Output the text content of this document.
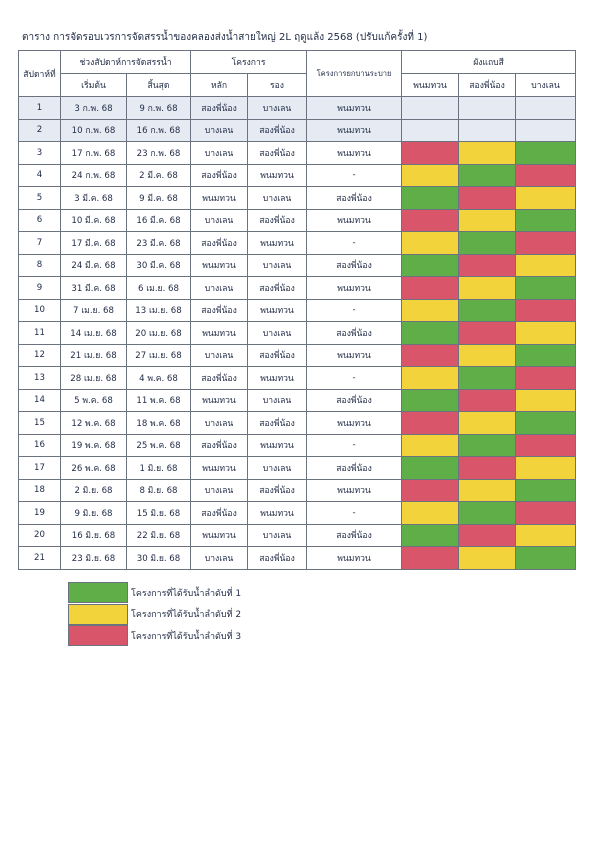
ตาราง การจัดรอบเวรการจัดสรรน้ำของคลองส่งน้ำสายใหญ่ 2L ฤดูแล้ง 2568 (ปรับแก้ครั้งที่ 1)
สัปดาห์ที่	ช่วงสัปดาห์การจัดสรรน้ำ		โครงการ		โครงการยกบานระบาย	ผังแถบสี		
	เริ่มต้น	สิ้นสุด	หลัก	รอง		พนมทวน	สองพี่น้อง	บางเลน
1	3 ก.พ. 68	9 ก.พ. 68	สองพี่น้อง	บางเลน	พนมทวน			
2	10 ก.พ. 68	16 ก.พ. 68	บางเลน	สองพี่น้อง	พนมทวน			
3	17 ก.พ. 68	23 ก.พ. 68	บางเลน	สองพี่น้อง	พนมทวน			
4	24 ก.พ. 68	2 มี.ค. 68	สองพี่น้อง	พนมทวน	-			
5	3 มี.ค. 68	9 มี.ค. 68	พนมทวน	บางเลน	สองพี่น้อง			
6	10 มี.ค. 68	16 มี.ค. 68	บางเลน	สองพี่น้อง	พนมทวน			
7	17 มี.ค. 68	23 มี.ค. 68	สองพี่น้อง	พนมทวน	-			
8	24 มี.ค. 68	30 มี.ค. 68	พนมทวน	บางเลน	สองพี่น้อง			
9	31 มี.ค. 68	6 เม.ย. 68	บางเลน	สองพี่น้อง	พนมทวน			
10	7 เม.ย. 68	13 เม.ย. 68	สองพี่น้อง	พนมทวน	-			
11	14 เม.ย. 68	20 เม.ย. 68	พนมทวน	บางเลน	สองพี่น้อง			
12	21 เม.ย. 68	27 เม.ย. 68	บางเลน	สองพี่น้อง	พนมทวน			
13	28 เม.ย. 68	4 พ.ค. 68	สองพี่น้อง	พนมทวน	-			
14	5 พ.ค. 68	11 พ.ค. 68	พนมทวน	บางเลน	สองพี่น้อง			
15	12 พ.ค. 68	18 พ.ค. 68	บางเลน	สองพี่น้อง	พนมทวน			
16	19 พ.ค. 68	25 พ.ค. 68	สองพี่น้อง	พนมทวน	-			
17	26 พ.ค. 68	1 มิ.ย. 68	พนมทวน	บางเลน	สองพี่น้อง			
18	2 มิ.ย. 68	8 มิ.ย. 68	บางเลน	สองพี่น้อง	พนมทวน			
19	9 มิ.ย. 68	15 มิ.ย. 68	สองพี่น้อง	พนมทวน	-			
20	16 มิ.ย. 68	22 มิ.ย. 68	พนมทวน	บางเลน	สองพี่น้อง			
21	23 มิ.ย. 68	30 มิ.ย. 68	บางเลน	สองพี่น้อง	พนมทวน			
โครงการที่ได้รับน้ำลำดับที่ 1
โครงการที่ได้รับน้ำลำดับที่ 2
โครงการที่ได้รับน้ำลำดับที่ 3
